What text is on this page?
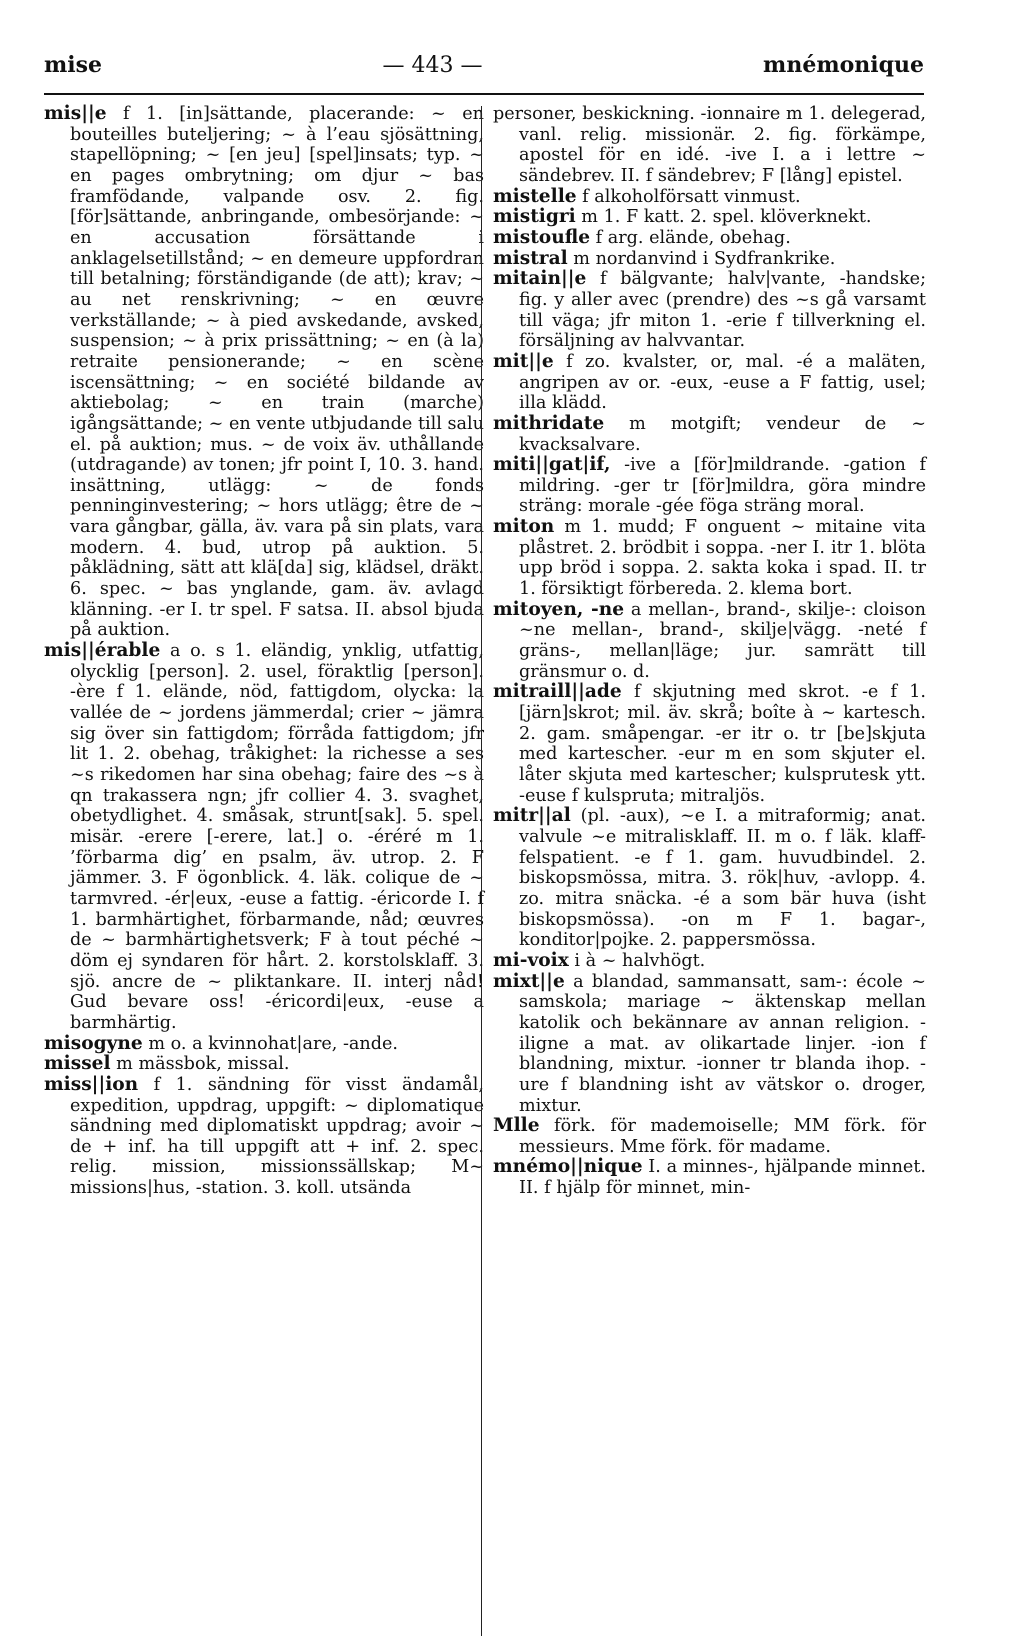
mise	— 443 —	mnémonique

mis||e f 1. [in]sättande, placerande: ~ en bouteilles buteljering; ~ à l’eau sjösättning, stapellöpning; ~ [en jeu] [spel]insats; typ. ~ en pages ombrytning; om djur ~ bas framfödande, valpande osv. 2. fig. [för]sättande, anbringande, ombesörjande: ~ en accusation försättande i anklagelsetillstånd; ~ en demeure uppfordran till betalning; förständigande (de att); krav; ~ au net renskrivning; ~ en œuvre verkställande; ~ à pied avskedande, avsked, suspension; ~ à prix prissättning; ~ en (à la) retraite pensionerande; ~ en scène iscensättning; ~ en société bildande av aktiebolag; ~ en train (marche) igångsättande; ~ en vente utbjudande till salu el. på auktion; mus. ~ de voix äv. uthållande (utdragande) av tonen; jfr point I, 10. 3. hand. insättning, utlägg: ~ de fonds penninginvestering; ~ hors utlägg; être de ~ vara gångbar, gälla, äv. vara på sin plats, vara modern. 4. bud, utrop på auktion. 5. påklädning, sätt att klä[da] sig, klädsel, dräkt. 6. spec. ~ bas ynglande, gam. äv. avlagd klänning. -er I. tr spel. F satsa. II. absol bjuda på auktion.

mis||érable a o. s 1. eländig, ynklig, utfattig, olycklig [person]. 2. usel, föraktlig [person]. -ère f 1. elände, nöd, fattigdom, olycka: la vallée de ~ jordens jämmerdal; crier ~ jämra sig över sin fattigdom; förråda fattigdom; jfr lit 1. 2. obehag, tråkighet: la richesse a ses ~s rikedomen har sina obehag; faire des ~s à qn trakassera ngn; jfr collier 4. 3. svaghet, obetydlighet. 4. småsak, strunt[sak]. 5. spel. misär. -erere [-erere, lat.] o. -éréré m 1. ’förbarma dig’ en psalm, äv. utrop. 2. F jämmer. 3. F ögonblick. 4. läk. colique de ~ tarmvred. -ér|eux, -euse a fattig. -éricorde I. f 1. barmhärtighet, förbarmande, nåd; œuvres de ~ barmhärtighetsverk; F à tout péché ~ döm ej syndaren för hårt. 2. korstolsklaff. 3. sjö. ancre de ~ pliktankare. II. interj nåd! Gud bevare oss! -éricordi|eux, -euse a barmhärtig.

misogyne m o. a kvinnohat|are, -ande.

missel m mässbok, missal.

miss||ion f 1. sändning för visst ändamål, expedition, uppdrag, uppgift: ~ diplomatique sändning med diplomatiskt uppdrag; avoir ~ de + inf. ha till uppgift att + inf. 2. spec. relig. mission, missionssällskap; M~ missions|hus, -station. 3. koll. utsända

personer, beskickning. -ionnaire m 1. delegerad, vanl. relig. missionär. 2. fig. förkämpe, apostel för en idé. -ive I. a i lettre ~ sändebrev. II. f sändebrev; F [lång] epistel.

mistelle f alkoholförsatt vinmust.

mistigri m 1. F katt. 2. spel. klöverknekt.

mistoufle f arg. elände, obehag.

mistral m nordanvind i Sydfrankrike.

mitain||e f bälgvante; halv|vante, -handske; fig. y aller avec (prendre) des ~s gå varsamt till väga; jfr miton 1. -erie f tillverkning el. försäljning av halvvantar.

mit||e f zo. kvalster, or, mal. -é a maläten, angripen av or. -eux, -euse a F fattig, usel; illa klädd.

mithridate m motgift; vendeur de ~ kvacksalvare.

miti||gat|if, -ive a [för]mildrande. -gation f mildring. -ger tr [för]mildra, göra mindre sträng: morale -gée föga sträng moral.

miton m 1. mudd; F onguent ~ mitaine vita plåstret. 2. brödbit i soppa. -ner I. itr 1. blöta upp bröd i soppa. 2. sakta koka i spad. II. tr 1. försiktigt förbereda. 2. klema bort.

mitoyen, -ne a mellan-, brand-, skilje-: cloison ~ne mellan-, brand-, skilje|vägg. -neté f gräns-, mellan|läge; jur. samrätt till gränsmur o. d.

mitraill||ade f skjutning med skrot. -e f 1. [järn]skrot; mil. äv. skrå; boîte à ~ kartesch. 2. gam. småpengar. -er itr o. tr [be]skjuta med kartescher. -eur m en som skjuter el. låter skjuta med kartescher; kulsprutesk ytt. -euse f kulspruta; mitraljös.

mitr||al (pl. -aux), ~e I. a mitraformig; anat. valvule ~e mitralisklaff. II. m o. f läk. klaff-felspatient. -e f 1. gam. huvudbindel. 2. biskopsmössa, mitra. 3. rök|huv, -avlopp. 4. zo. mitra snäcka. -é a som bär huva (isht biskopsmössa). -on m F 1. bagar-, konditor|pojke. 2. pappersmössa.

mi-voix i à ~ halvhögt.

mixt||e a blandad, sammansatt, sam-: école ~ samskola; mariage ~ äktenskap mellan katolik och bekännare av annan religion. -iligne a mat. av olikartade linjer. -ion f blandning, mixtur. -ionner tr blanda ihop. -ure f blandning isht av vätskor o. droger, mixtur.

Mlle förk. för mademoiselle; MM förk. för messieurs. Mme förk. för madame.

mnémo||nique I. a minnes-, hjälpande minnet. II. f hjälp för minnet, min-
